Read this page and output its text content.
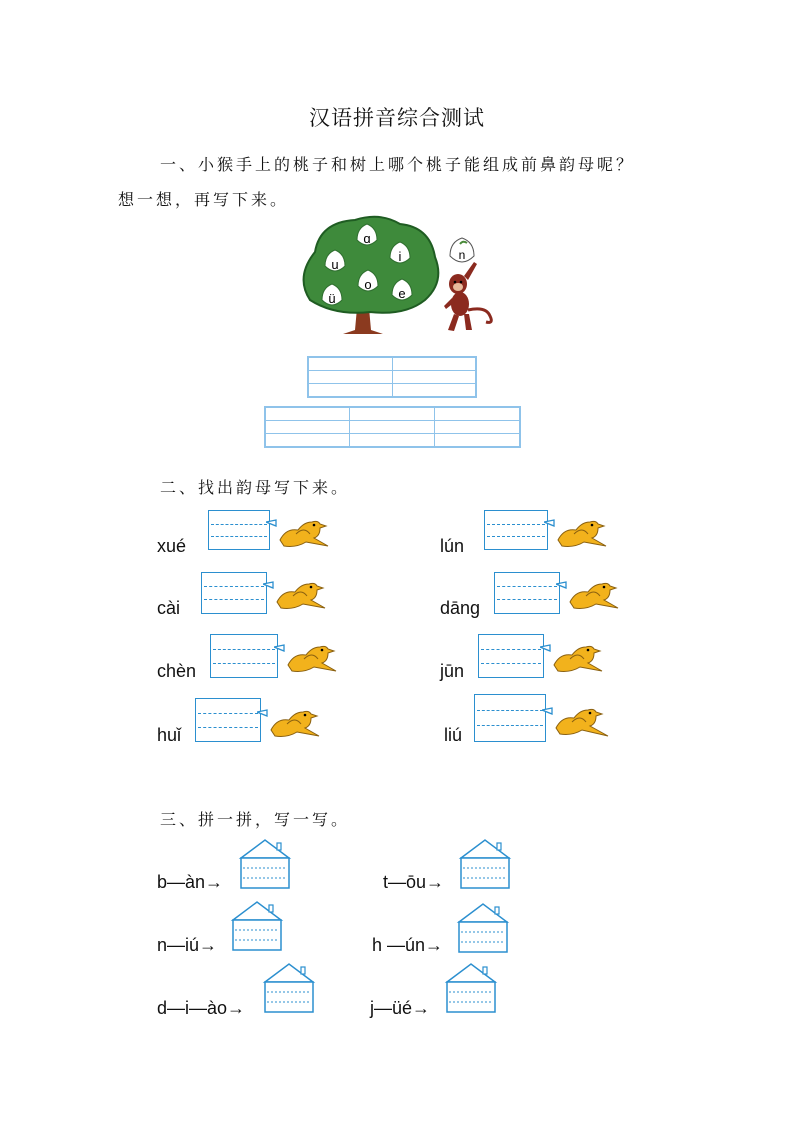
汉语拼音综合测试
一、小猴手上的桃子和树上哪个桃子能组成前鼻韵母呢？
想一想，再写下来。
ɑ
i
u
o
ü	e
n
二、找出韵母写下来。
xué	lún
cài	dāng
chèn	jūn
huǐ	liú
三、拼一拼，写一写。
b—àn→	t—ōu→
n—iú→	h —ún→
d—i—ào→	j—üé→
